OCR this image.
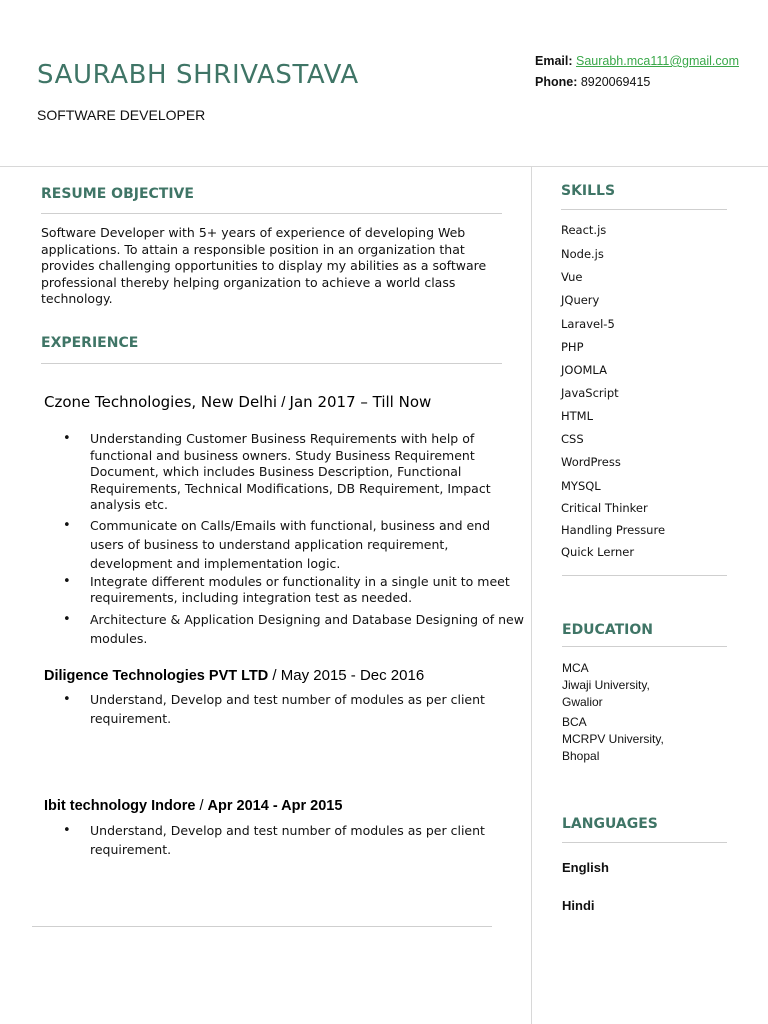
SAURABH SHRIVASTAVA
SOFTWARE DEVELOPER
Email: Saurabh.mca111@gmail.com
Phone: 8920069415
RESUME OBJECTIVE
Software Developer with 5+ years of experience of developing Web
applications. To attain a responsible position in an organization that
provides challenging opportunities to display my abilities as a software
professional thereby helping organization to achieve a world class
technology.
EXPERIENCE
Czone Technologies, New Delhi / Jan 2017 – Till Now
• Understanding Customer Business Requirements with help of
functional and business owners. Study Business Requirement
Document, which includes Business Description, Functional
Requirements, Technical Modifications, DB Requirement, Impact
analysis etc.
• Communicate on Calls/Emails with functional, business and end
users of business to understand application requirement,
development and implementation logic.
• Integrate different modules or functionality in a single unit to meet
requirements, including integration test as needed.
• Architecture & Application Designing and Database Designing of new
modules.
Diligence Technologies PVT LTD / May 2015 - Dec 2016
• Understand, Develop and test number of modules as per client
requirement.
Ibit technology Indore / Apr 2014 - Apr 2015
• Understand, Develop and test number of modules as per client
requirement.
SKILLS
React.js
Node.js
Vue
JQuery
Laravel-5
PHP
JOOMLA
JavaScript
HTML
CSS
WordPress
MYSQL
Critical Thinker
Handling Pressure
Quick Lerner
EDUCATION
MCA
Jiwaji University,
Gwalior
BCA
MCRPV University,
Bhopal
LANGUAGES
English
Hindi
